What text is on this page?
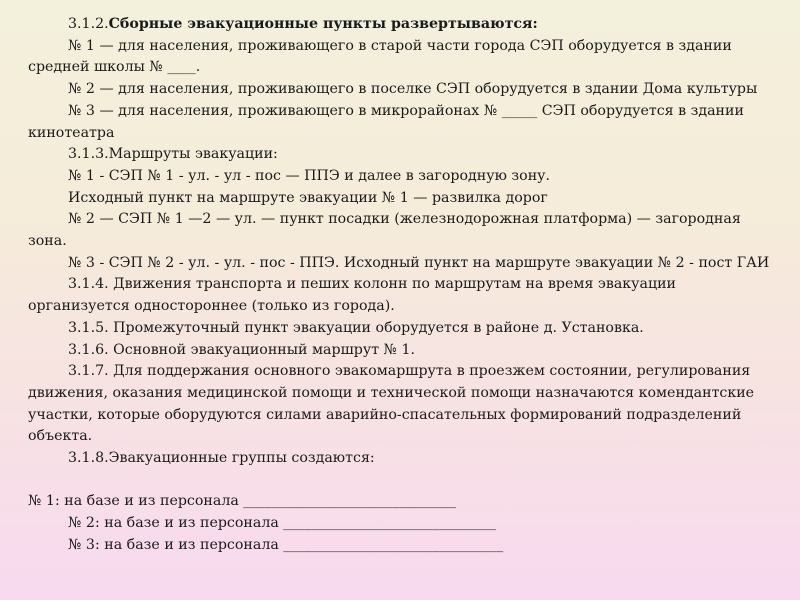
3.1.2.Сборные эвакуационные пункты развертываются:

№ 1 — для населения, проживающего в старой части города СЭП оборудуется в здании средней школы № ____.

№ 2 — для населения, проживающего в поселке СЭП оборудуется в здании Дома культуры

№ 3 — для населения, проживающего в микрорайонах № _____ СЭП оборудуется в здании кинотеатра

3.1.3.Маршруты эвакуации:

№ 1 - СЭП № 1 - ул. - ул - пос — ППЭ и далее в загородную зону.

Исходный пункт на маршруте эвакуации № 1 — развилка дорог

№ 2 — СЭП № 1 —2 — ул. — пункт посадки (железнодорожная платформа) — загородная зона.

№ 3 - СЭП № 2 - ул. - ул. - пос - ППЭ. Исходный пункт на маршруте эвакуации № 2 - пост ГАИ

3.1.4. Движения транспорта и пеших колонн по маршрутам на время эвакуации организуется одностороннее (только из города).

3.1.5. Промежуточный пункт эвакуации оборудуется в районе д. Установка.

3.1.6. Основной эвакуационный маршрут № 1.

3.1.7. Для поддержания основного эвакомаршрута в проезжем состоянии, регулирования движения, оказания медицинской помощи и технической помощи назначаются комендантские участки, которые оборудуются силами аварийно-спасательных формирований подразделений объекта.

3.1.8.Эвакуационные группы создаются:

№ 1: на базе и из персонала ______________________________

№ 2: на базе и из персонала ______________________________

№ 3: на базе и из персонала _______________________________
